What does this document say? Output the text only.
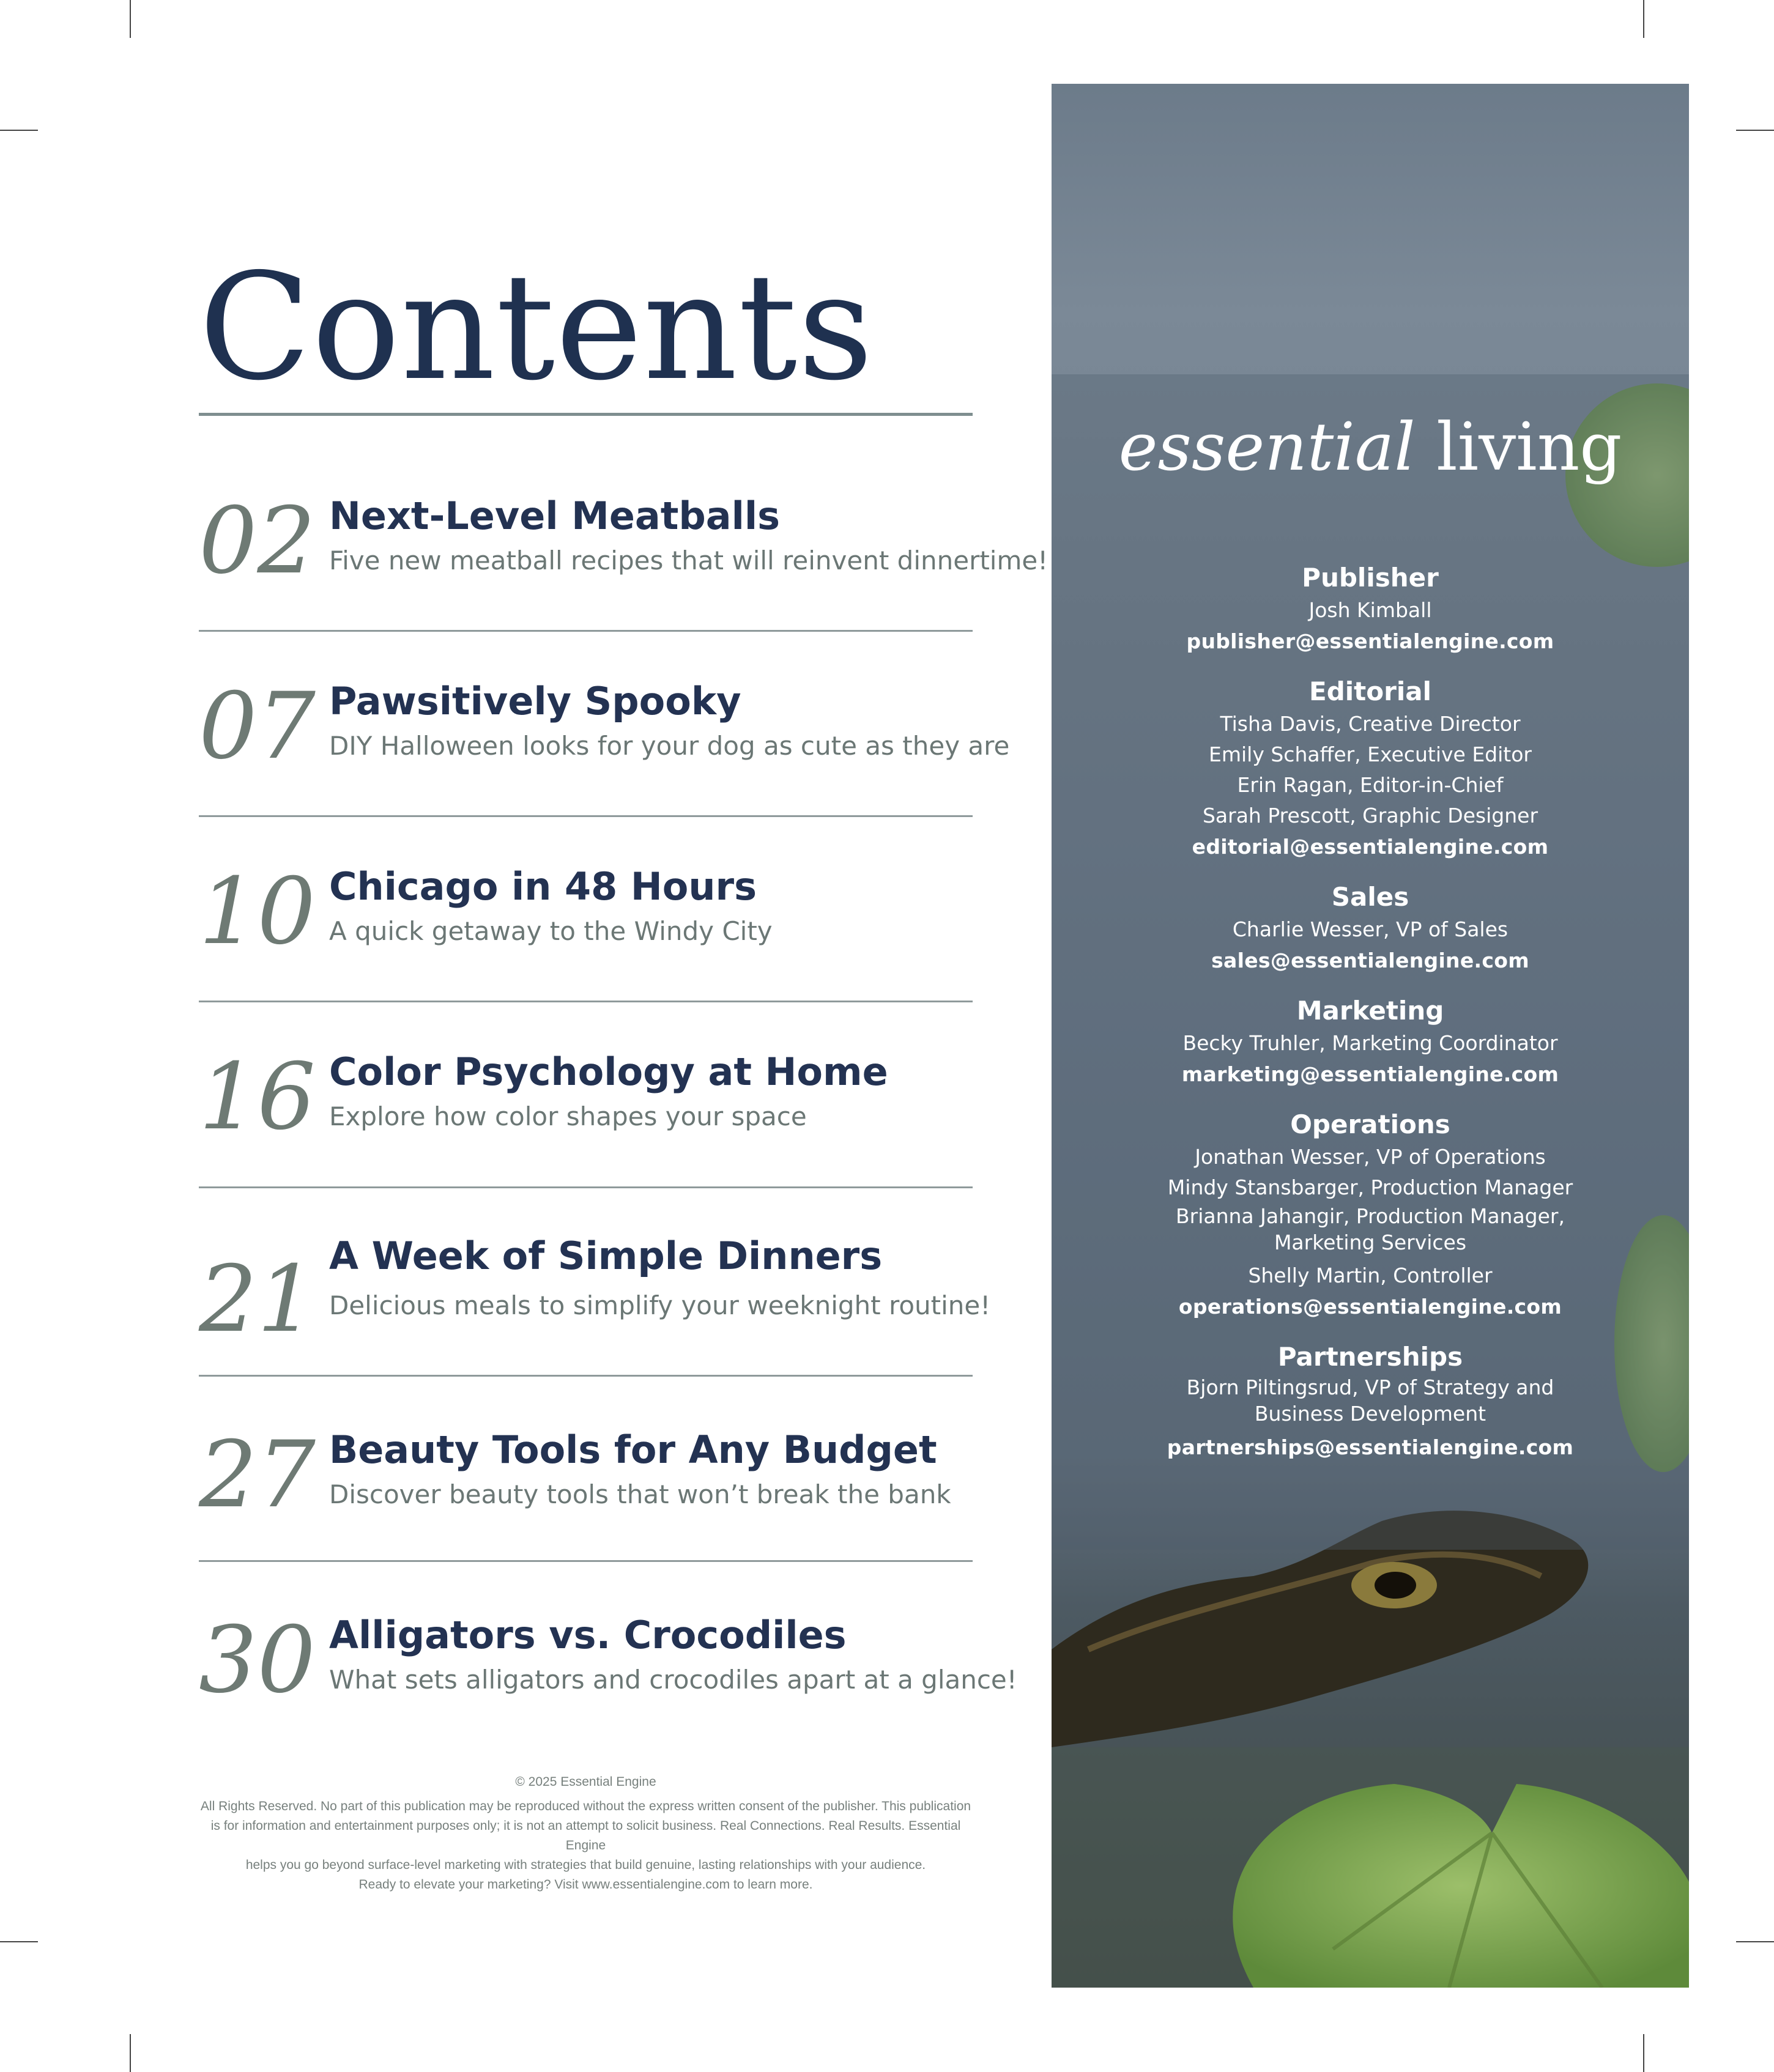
Contents
02 Next-Level Meatballs
Five new meatball recipes that will reinvent dinnertime!
07 Pawsitively Spooky
DIY Halloween looks for your dog as cute as they are
10 Chicago in 48 Hours
A quick getaway to the Windy City
16 Color Psychology at Home
Explore how color shapes your space
21 A Week of Simple Dinners
Delicious meals to simplify your weeknight routine!
27 Beauty Tools for Any Budget
Discover beauty tools that won’t break the bank
30 Alligators vs. Crocodiles
What sets alligators and crocodiles apart at a glance!
© 2025 Essential Engine
All Rights Reserved. No part of this publication may be reproduced without the express written consent of the publisher. This publication
is for information and entertainment purposes only; it is not an attempt to solicit business. Real Connections. Real Results. Essential Engine
helps you go beyond surface-level marketing with strategies that build genuine, lasting relationships with your audience.
Ready to elevate your marketing? Visit www.essentialengine.com to learn more.
essential living
Publisher
Josh Kimball
publisher@essentialengine.com
Editorial
Tisha Davis, Creative Director
Emily Schaffer, Executive Editor
Erin Ragan, Editor-in-Chief
Sarah Prescott, Graphic Designer
editorial@essentialengine.com
Sales
Charlie Wesser, VP of Sales
sales@essentialengine.com
Marketing
Becky Truhler, Marketing Coordinator
marketing@essentialengine.com
Operations
Jonathan Wesser, VP of Operations
Mindy Stansbarger, Production Manager
Brianna Jahangir, Production Manager,
Marketing Services
Shelly Martin, Controller
operations@essentialengine.com
Partnerships
Bjorn Piltingsrud, VP of Strategy and
Business Development
partnerships@essentialengine.com
